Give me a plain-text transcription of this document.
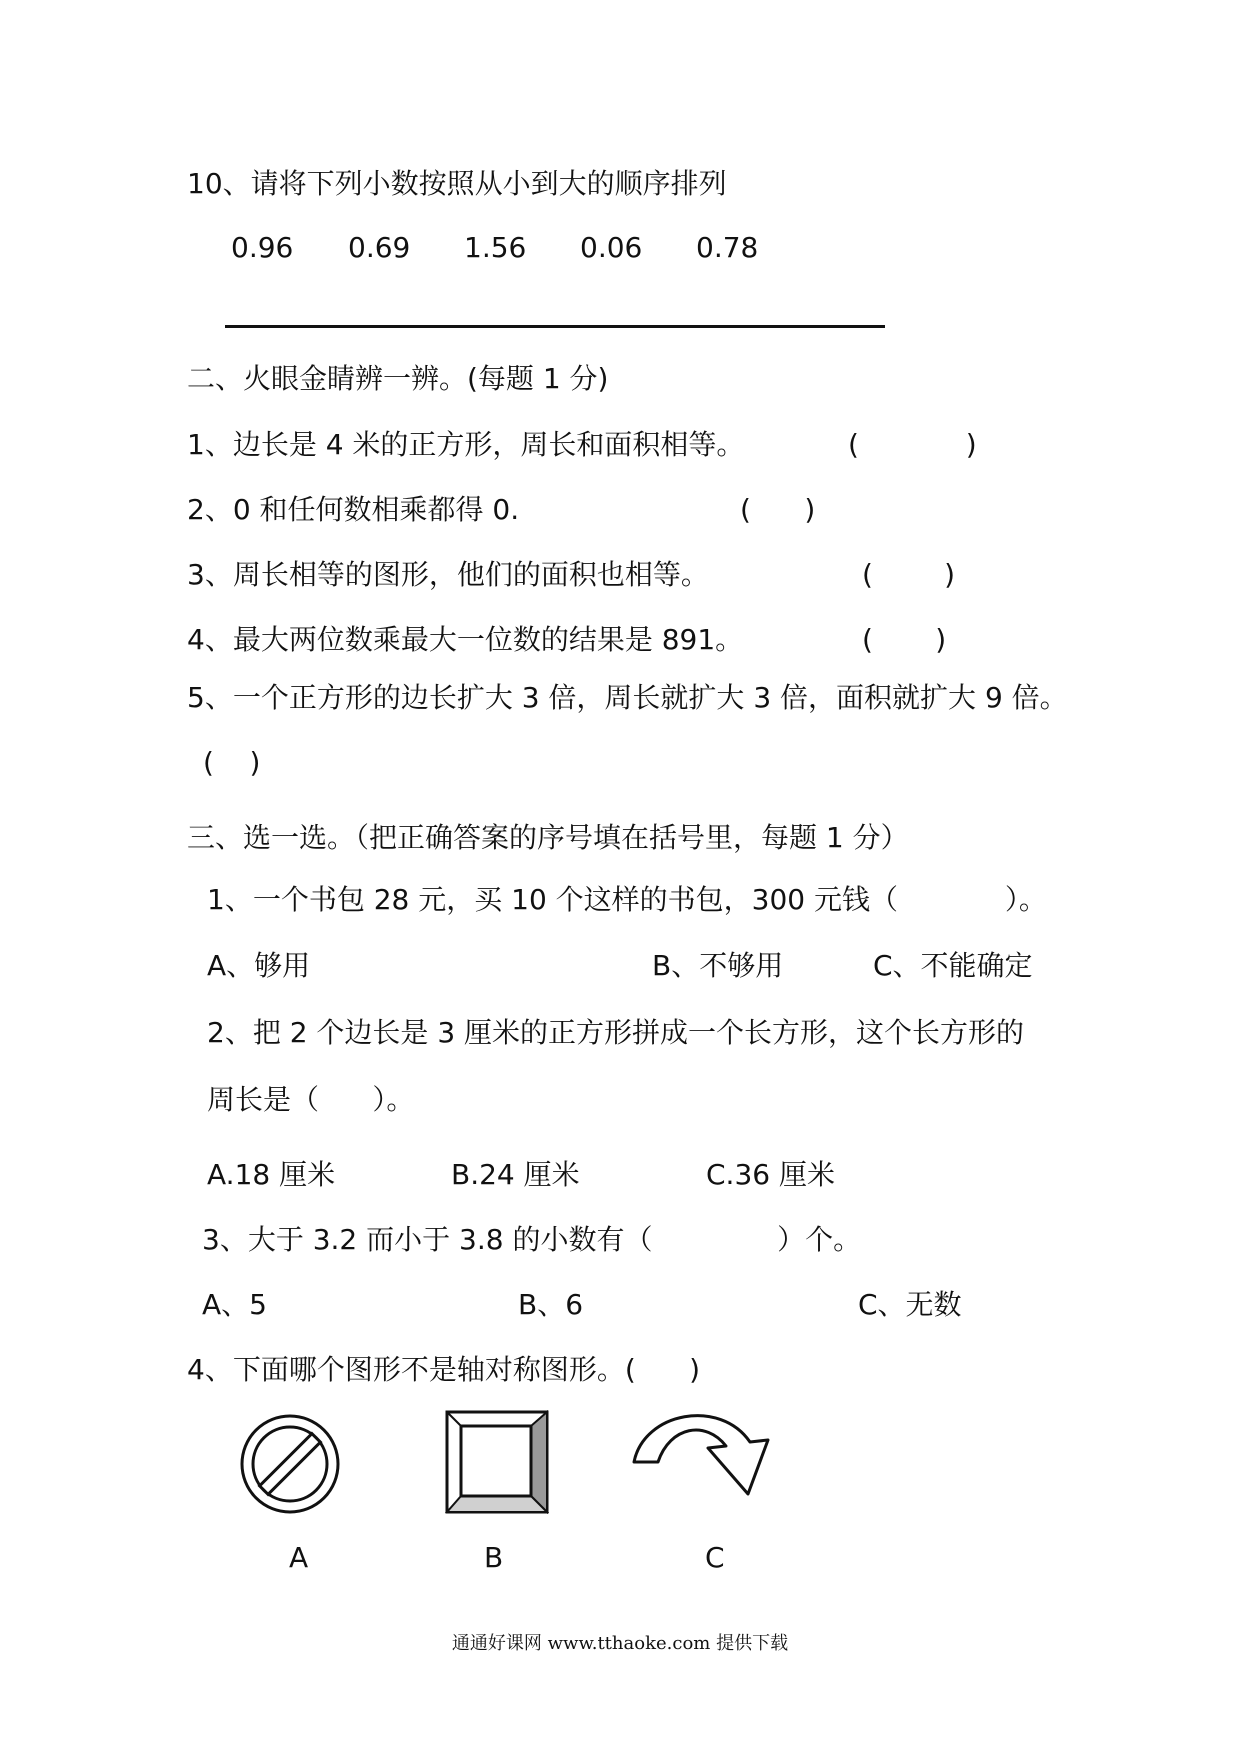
10、请将下列小数按照从小到大的顺序排列
0.96 0.69 1.56 0.06 0.78
二、火眼金睛辨一辨。(每题 1 分)
1、边长是 4 米的正方形，周长和面积相等。	(            )
2、0 和任何数相乘都得 0.	(      )
3、周长相等的图形，他们的面积也相等。	(        )
4、最大两位数乘最大一位数的结果是 891。	(       )
5、一个正方形的边长扩大 3 倍，周长就扩大 3 倍，面积就扩大 9 倍。
(    )
三、选一选。（把正确答案的序号填在括号里，每题 1 分）
1、一个书包 28 元，买 10 个这样的书包，300 元钱（            ）。
A、够用	B、不够用	C、不能确定
2、把 2 个边长是 3 厘米的正方形拼成一个长方形，这个长方形的
周长是（      ）。
A.18 厘米	B.24 厘米	C.36 厘米
3、大于 3.2 而小于 3.8 的小数有（              ）个。
A、5	B、6	C、无数
4、下面哪个图形不是轴对称图形。(      )
A	B	C
通通好课网 www.tthaoke.com 提供下载
